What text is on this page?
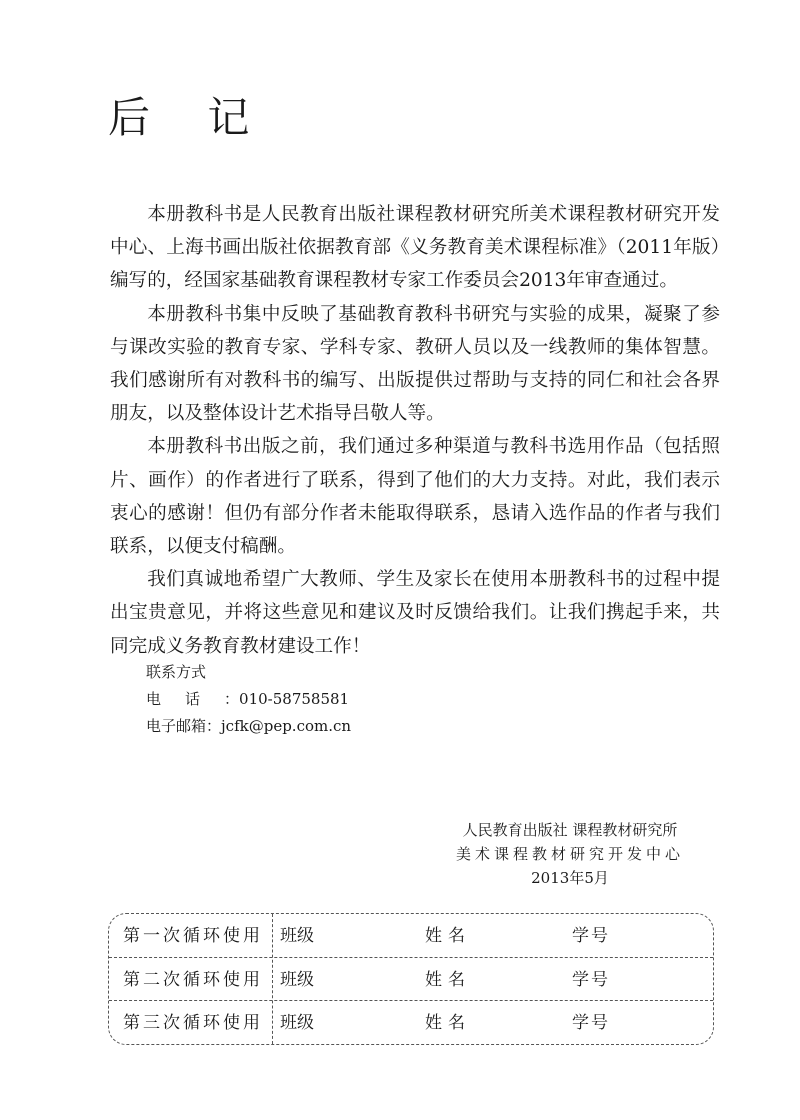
后 记

本册教科书是人民教育出版社课程教材研究所美术课程教材研究开发中心、上海书画出版社依据教育部《义务教育美术课程标准》（2011年版）编写的，经国家基础教育课程教材专家工作委员会2013年审查通过。

本册教科书集中反映了基础教育教科书研究与实验的成果，凝聚了参与课改实验的教育专家、学科专家、教研人员以及一线教师的集体智慧。我们感谢所有对教科书的编写、出版提供过帮助与支持的同仁和社会各界朋友，以及整体设计艺术指导吕敬人等。

本册教科书出版之前，我们通过多种渠道与教科书选用作品（包括照片、画作）的作者进行了联系，得到了他们的大力支持。对此，我们表示衷心的感谢！但仍有部分作者未能取得联系，恳请入选作品的作者与我们联系，以便支付稿酬。

我们真诚地希望广大教师、学生及家长在使用本册教科书的过程中提出宝贵意见，并将这些意见和建议及时反馈给我们。让我们携起手来，共同完成义务教育教材建设工作！

联系方式
电话：010-58758581
电子邮箱：jcfk@pep.com.cn
人民教育出版社 课程教材研究所
美术课程教材研究开发中心
2013年5月
第一次循环使用 班级	姓名	学号
第二次循环使用 班级	姓名	学号
第三次循环使用 班级	姓名	学号
